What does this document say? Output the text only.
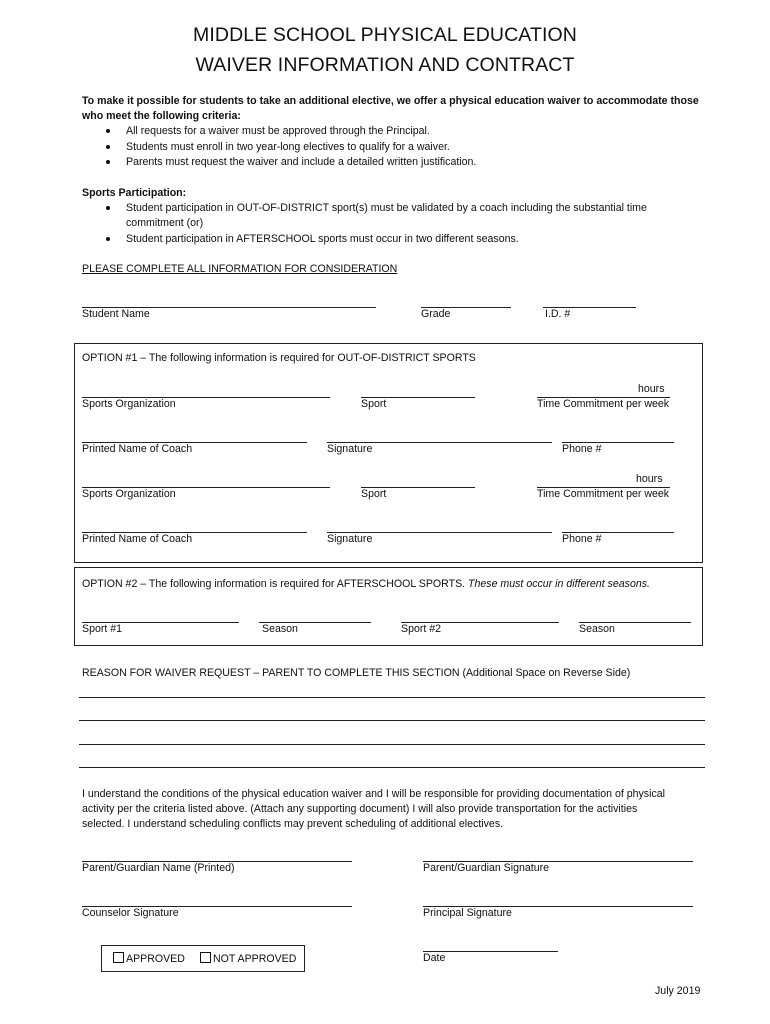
MIDDLE SCHOOL PHYSICAL EDUCATION
WAIVER INFORMATION AND CONTRACT
To make it possible for students to take an additional elective, we offer a physical education waiver to accommodate those
who meet the following criteria:
All requests for a waiver must be approved through the Principal.
Students must enroll in two year-long electives to qualify for a waiver.
Parents must request the waiver and include a detailed written justification.
Sports Participation:
Student participation in OUT-OF-DISTRICT sport(s) must be validated by a coach including the substantial time
commitment (or)
Student participation in AFTERSCHOOL sports must occur in two different seasons.
PLEASE COMPLETE ALL INFORMATION FOR CONSIDERATION
Student Name	Grade	I.D. #
OPTION #1 – The following information is required for OUT-OF-DISTRICT SPORTS
hours
Sports Organization	Sport	Time Commitment per week
Printed Name of Coach	Signature	Phone #
hours
Sports Organization	Sport	Time Commitment per week
Printed Name of Coach	Signature	Phone #
OPTION #2 – The following information is required for AFTERSCHOOL SPORTS. These must occur in different seasons.
Sport #1	Season	Sport #2	Season
REASON FOR WAIVER REQUEST – PARENT TO COMPLETE THIS SECTION (Additional Space on Reverse Side)
I understand the conditions of the physical education waiver and I will be responsible for providing documentation of physical
activity per the criteria listed above. (Attach any supporting document) I will also provide transportation for the activities
selected. I understand scheduling conflicts may prevent scheduling of additional electives.
Parent/Guardian Name (Printed)	Parent/Guardian Signature
Counselor Signature	Principal Signature
APPROVED	NOT APPROVED	Date
July 2019
